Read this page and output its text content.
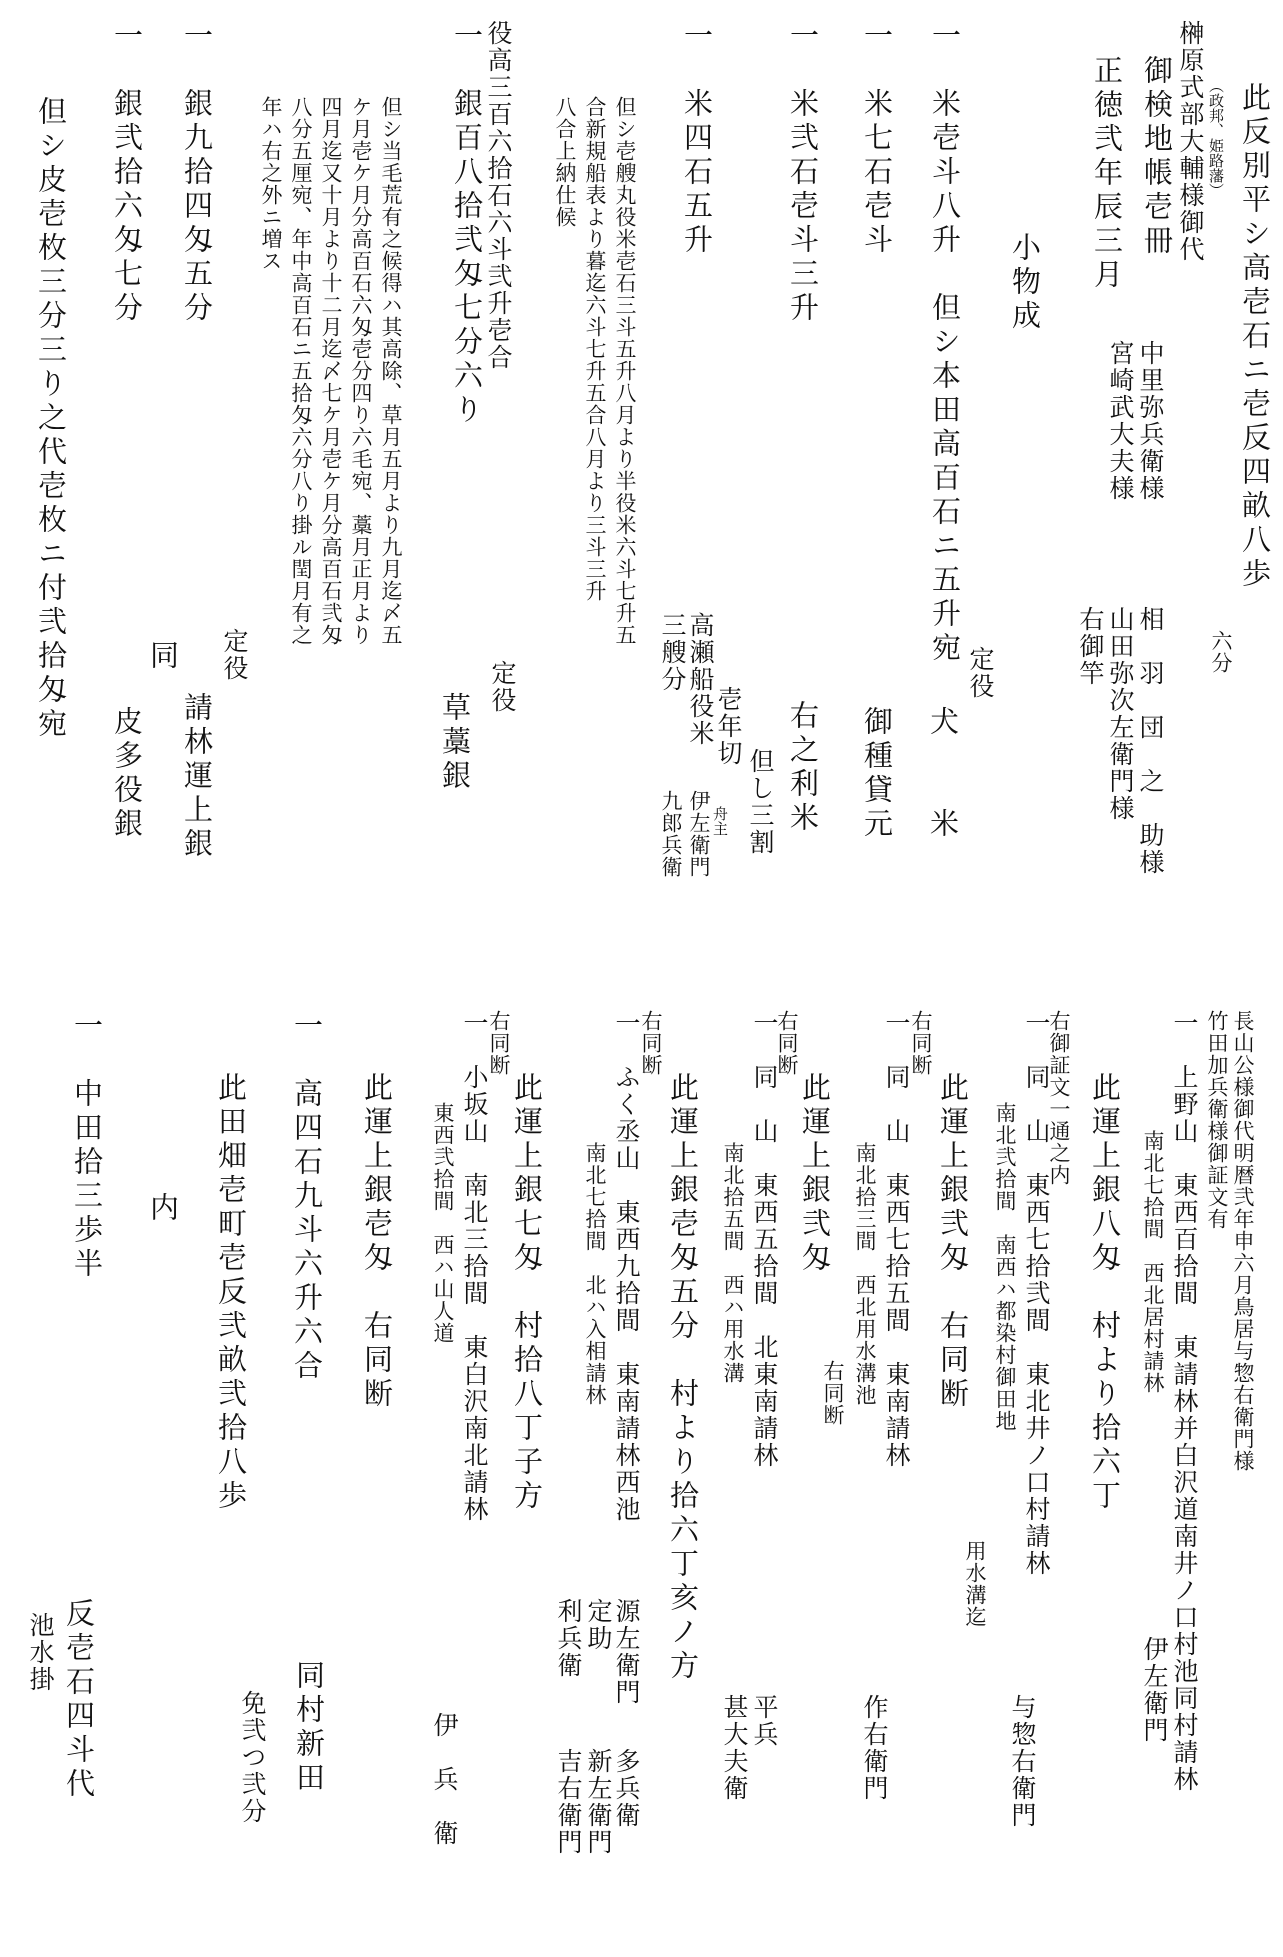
此反別平シ高壱石ニ壱反四畝八歩
六分
正徳弐年辰三月 御検地帳壱冊 榊原式部大輔様御代 （政邦、姫路藩）
中里弥兵衛様
宮崎武大夫様
相　羽　団　之　助様
山田弥次左衛門様
右御竿
小物成
一　米壱斗八升　但シ本田高百石ニ五升宛
定役
犬　　米
一　米七石壱斗
御種貸元
一　米弐石壱斗三升
右之利米
但し三割
一　米四石五升
壱年切
高瀬船役米
三艘分
舟主
伊左衛門
九郎兵衛
但シ壱艘丸役米壱石三斗五升八月より半役米六斗七升五
合新規船表より暮迄六斗七升五合八月より三斗三升
八合上納仕候
役高三百六拾石六斗弐升壱合
一　銀百八拾弐匁七分六り
定役
草藁銀
但シ当毛荒有之候得ハ其高除、草月五月より九月迄〆五
ケ月壱ケ月分高百石六匁壱分四り六毛宛、藁月正月より
四月迄又十月より十二月迄〆七ケ月壱ケ月分高百石弐匁
八分五厘宛、年中高百石ニ五拾匁六分八り掛ル閏月有之
年ハ右之外ニ増ス
一　銀九拾四匁五分
定役
請林運上銀
一　銀弐拾六匁七分
同
皮多役銀
但シ皮壱枚三分三り之代壱枚ニ付弐拾匁宛
長山公様御代明暦弐年申六月鳥居与惣右衛門様
竹田加兵衛様御証文有
一　上野山　東西百拾間　東請林并白沢道南井ノ口村池同村請林
南北七拾間　西北居村請林
伊左衛門
此運上銀八匁　村より拾六丁
右御証文一通之内
一　同　山　東西七拾弐間　東北井ノ口村請林
南北弐拾間　南西ハ都染村御田地
用水溝迄
与惣右衛門
此運上銀弐匁　右同断
右同断
一　同　山　東西七拾五間　東南請林
南北拾三間　西北用水溝池
右同断
作右衛門
此運上銀弐匁
右同断
一　同　山　東西五拾間　北東南請林
南北拾五間　西ハ用水溝
平兵
甚大夫衛
右同断
一　ふく丞山　東西九拾間　東南請林西池
南北七拾間　北ハ入相請林 此運上銀壱匁五分　村より拾六丁亥ノ方
源左衛門
定助
利兵衛
多兵衛
新左衛門
吉右衛門
右同断
一　小坂山　南北三拾間　東白沢南北請林
東西弐拾間　西ハ山人道 此運上銀七匁　村拾八丁子方
伊　兵　衛
此運上銀壱匁　右同断
一　高四石九斗六升六合
同村新田
此田畑壱町壱反弐畝弐拾八歩
免弐つ弐分
内
一　中田拾三歩半
反壱石四斗代
池水掛
